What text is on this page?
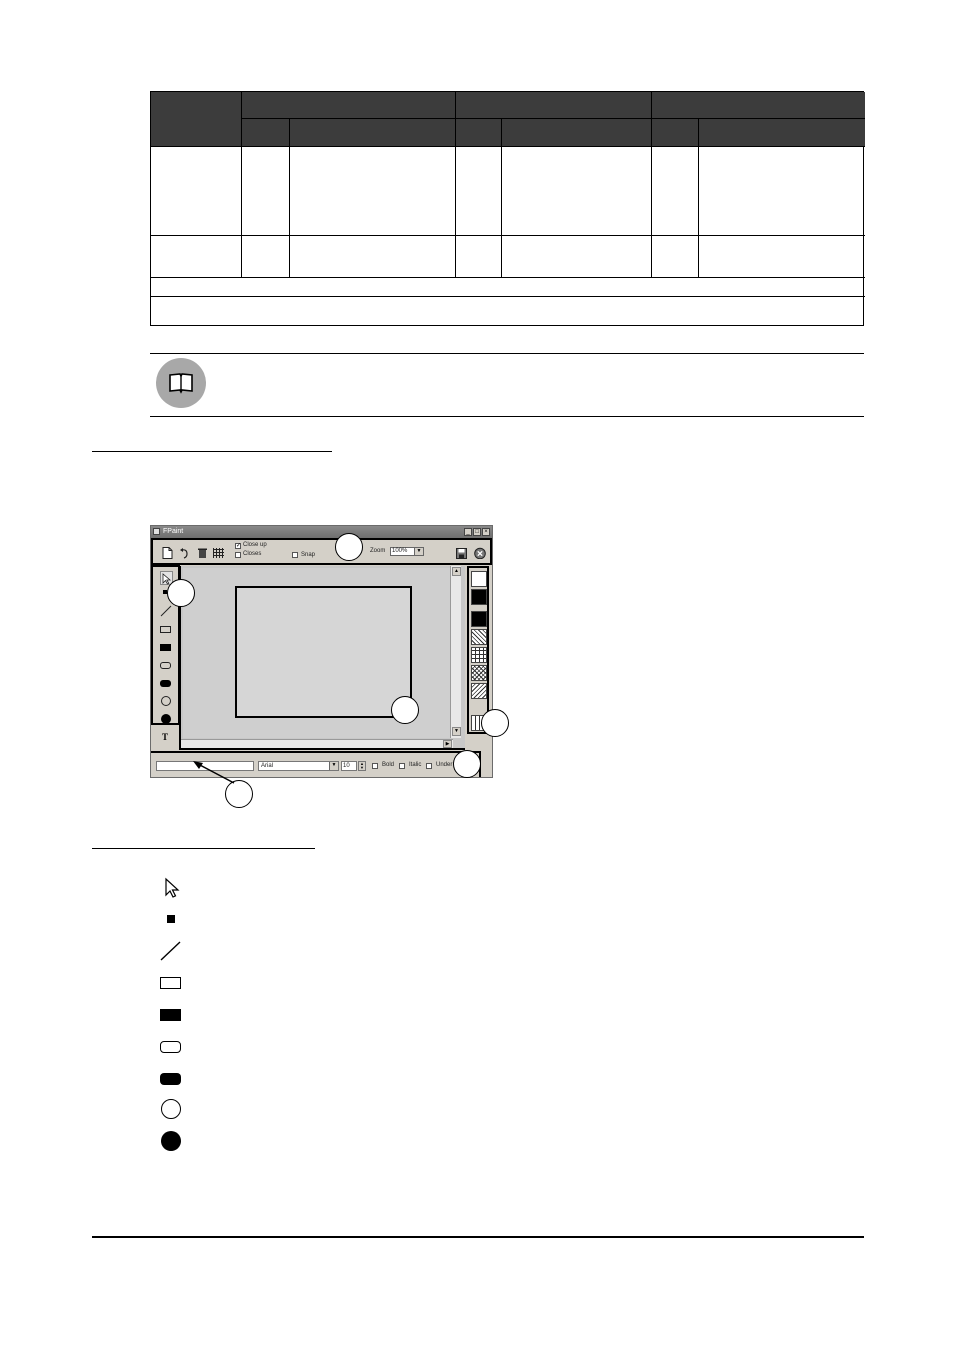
FPaint	_ □ ×
✓ Close up
Closes	Snap
Zoom 100%	▼
T
▲
▼
▶
Arial	▼ 10	▲
▼	Bold Italic Under
